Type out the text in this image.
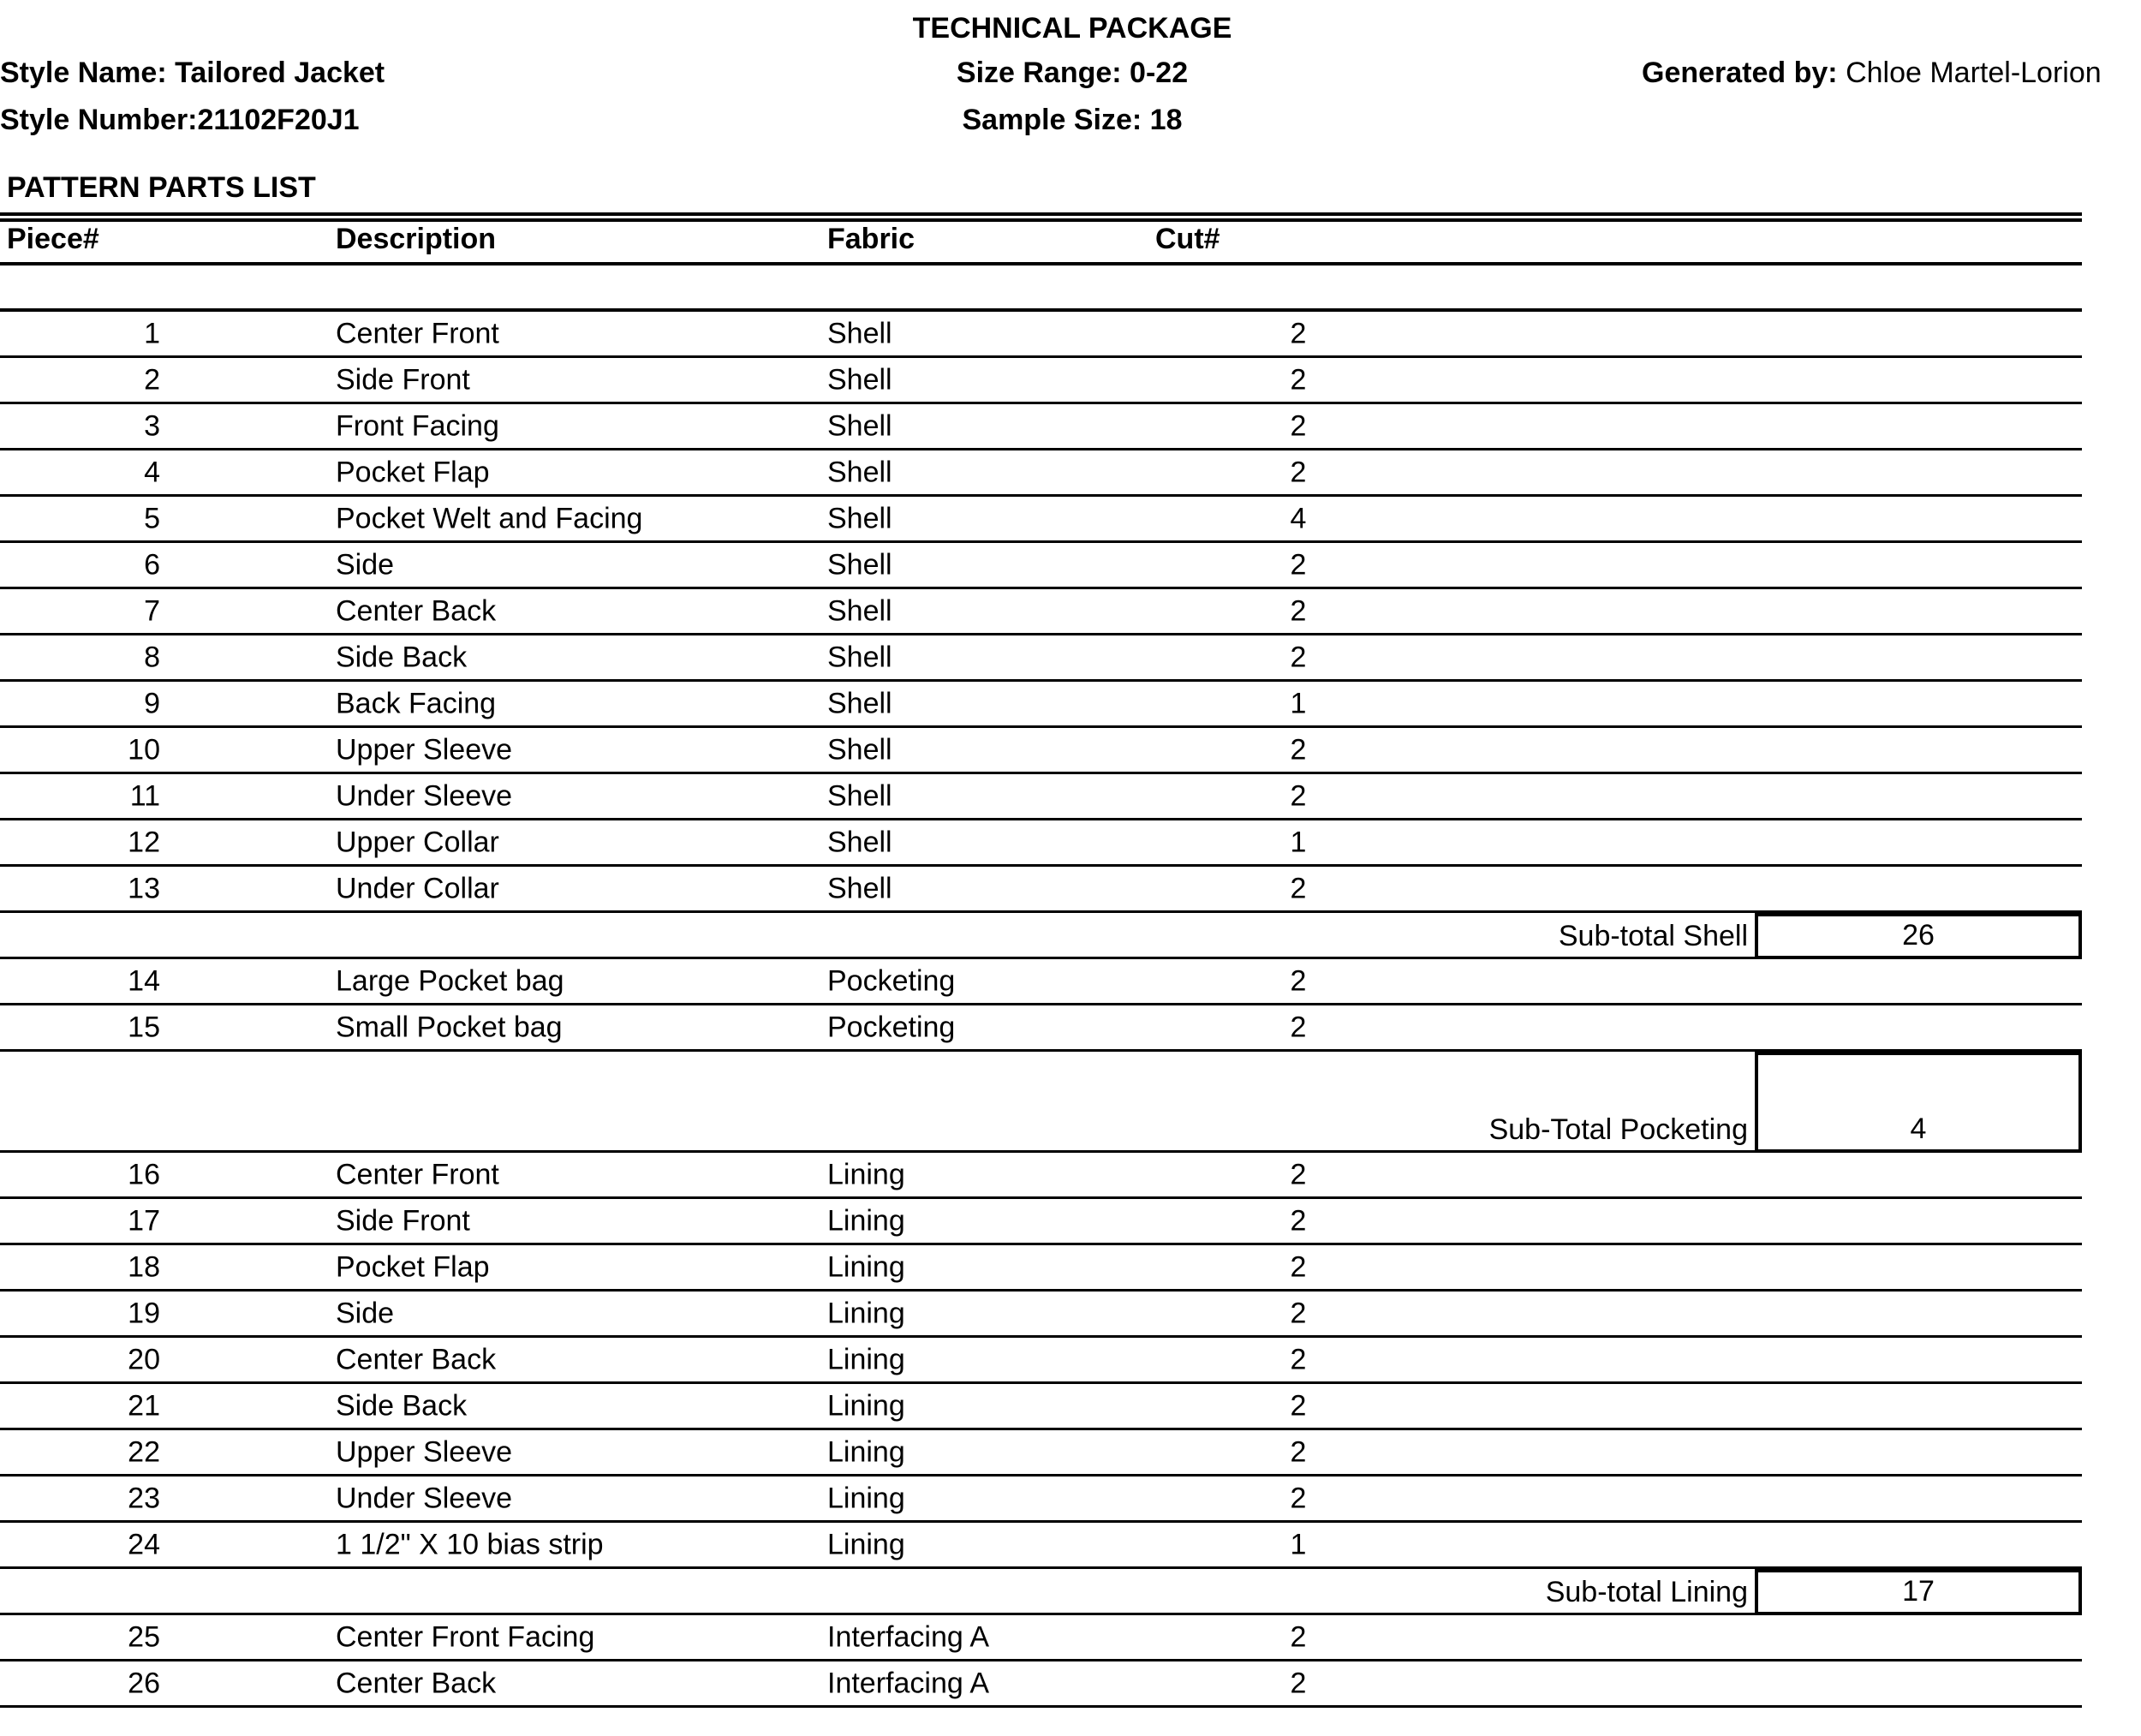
TECHNICAL PACKAGE
Style Name: Tailored Jacket
Style Number:21102F20J1
Size Range: 0-22
Sample Size: 18
Generated by: Chloe Martel-Lorion
PATTERN PARTS LIST
Piece#	Description	Fabric	Cut#
1	Center Front	Shell	2
2	Side Front	Shell	2
3	Front Facing	Shell	2
4	Pocket Flap	Shell	2
5	Pocket Welt and Facing	Shell	4
6	Side	Shell	2
7	Center Back	Shell	2
8	Side Back	Shell	2
9	Back Facing	Shell	1
10	Upper Sleeve	Shell	2
11	Under Sleeve	Shell	2
12	Upper Collar	Shell	1
13	Under Collar	Shell	2
Sub-total Shell	26
14	Large Pocket bag	Pocketing	2
15	Small Pocket bag	Pocketing	2
Sub-Total Pocketing	4
16	Center Front	Lining	2
17	Side Front	Lining	2
18	Pocket Flap	Lining	2
19	Side	Lining	2
20	Center Back	Lining	2
21	Side Back	Lining	2
22	Upper Sleeve	Lining	2
23	Under Sleeve	Lining	2
24	1 1/2" X 10 bias strip	Lining	1
Sub-total Lining	17
25	Center Front Facing	Interfacing A	2
26	Center Back	Interfacing A	2
